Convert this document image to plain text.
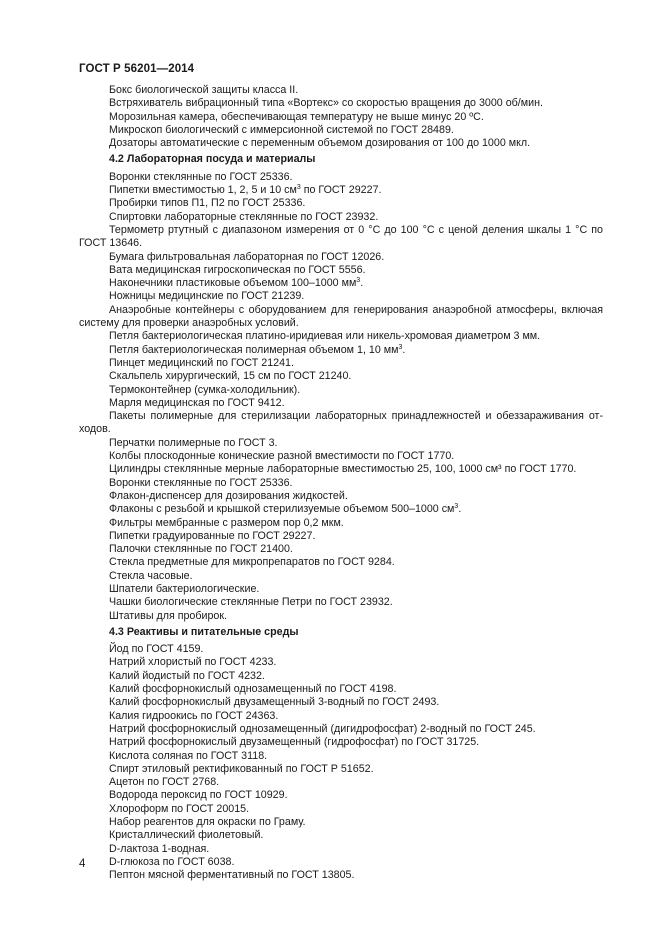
ГОСТ Р 56201—2014

Бокс биологической защиты класса II.

Встряхиватель вибрационный типа «Вортекс» со скоростью вращения до 3000 об/мин.

Морозильная камера, обеспечивающая температуру не выше минус 20 ºС.

Микроскоп биологический с иммерсионной системой по ГОСТ 28489.

Дозаторы автоматические с переменным объемом дозирования от 100 до 1000 мкл.

4.2 Лабораторная посуда и материалы

Воронки стеклянные по ГОСТ 25336.

Пипетки вместимостью 1, 2, 5 и 10 $см^3$ по ГОСТ 29227.

Пробирки типов П1, П2 по ГОСТ 25336.

Спиртовки лабораторные стеклянные по ГОСТ 23932.

Термометр ртутный с диапазоном измерения от 0 °С до 100 °С с ценой деления шкалы 1 °С по ГОСТ 13646.

Бумага фильтровальная лабораторная по ГОСТ 12026.

Вата медицинская гигроскопическая по ГОСТ 5556.

Наконечники пластиковые объемом 100–1000 $мм^3$.

Ножницы медицинские по ГОСТ 21239.

Анаэробные контейнеры с оборудованием для генерирования анаэробной атмосферы, включая систему для проверки анаэробных условий.

Петля бактериологическая платино-иридиевая или никель-хромовая диаметром 3 мм.

Петля бактериологическая полимерная объемом 1, 10 $мм^3$.

Пинцет медицинский по ГОСТ 21241.

Скальпель хирургический, 15 см по ГОСТ 21240.

Термоконтейнер (сумка-холодильник).

Марля медицинская по ГОСТ 9412.

Пакеты полимерные для стерилизации лабораторных принадлежностей и обеззараживания от-ходов.

Перчатки полимерные по ГОСТ 3.

Колбы плоскодонные конические разной вместимости по ГОСТ 1770.

Цилиндры стеклянные мерные лабораторные вместимостью 25, 100, 1000 см³ по ГОСТ 1770.

Воронки стеклянные по ГОСТ 25336.

Флакон-диспенсер для дозирования жидкостей.

Флаконы с резьбой и крышкой стерилизуемые объемом 500–1000 $см^3$.

Фильтры мембранные с размером пор 0,2 мкм.

Пипетки градуированные по ГОСТ 29227.

Палочки стеклянные по ГОСТ 21400.

Стекла предметные для микропрепаратов по ГОСТ 9284.

Стекла часовые.

Шпатели бактериологические.

Чашки биологические стеклянные Петри по ГОСТ 23932.

Штативы для пробирок.

4.3 Реактивы и питательные среды

Йод по ГОСТ 4159.

Натрий хлористый по ГОСТ 4233.

Калий йодистый по ГОСТ 4232.

Калий фосфорнокислый однозамещенный по ГОСТ 4198.

Калий фосфорнокислый двузамещенный 3-водный по ГОСТ 2493.

Калия гидроокись по ГОСТ 24363.

Натрий фосфорнокислый однозамещенный (дигидрофосфат) 2-водный по ГОСТ 245.

Натрий фосфорнокислый двузамещенный (гидрофосфат) по ГОСТ 31725.

Кислота соляная по ГОСТ 3118.

Спирт этиловый ректификованный по ГОСТ Р 51652.

Ацетон по ГОСТ 2768.

Водорода пероксид по ГОСТ 10929.

Хлороформ по ГОСТ 20015.

Набор реагентов для окраски по Граму.

Кристаллический фиолетовый.

D-лактоза 1-водная.

D-глюкоза по ГОСТ 6038.

Пептон мясной ферментативный по ГОСТ 13805.

4
